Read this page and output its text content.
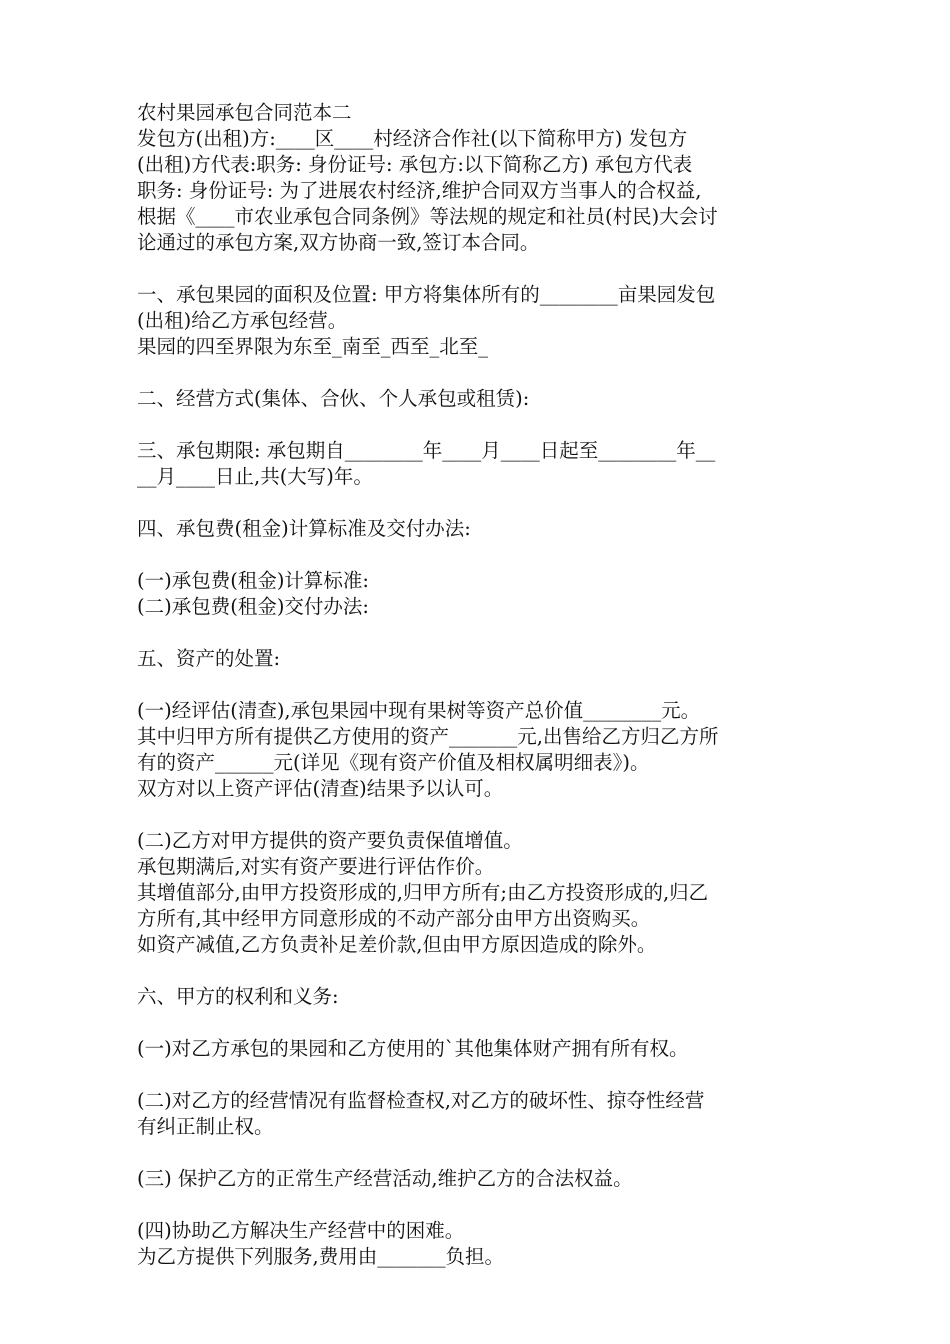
农村果园承包合同范本二
发包方(出租)方:____区____村经济合作社(以下简称甲方) 发包方
(出租)方代表:职务: 身份证号: 承包方:以下简称乙方) 承包方代表
职务: 身份证号: 为了进展农村经济,维护合同双方当事人的合权益,
根据《____市农业承包合同条例》等法规的规定和社员(村民)大会讨
论通过的承包方案,双方协商一致,签订本合同。
一、承包果园的面积及位置: 甲方将集体所有的________亩果园发包
(出租)给乙方承包经营。
果园的四至界限为东至_南至_西至_北至_
二、经营方式(集体、合伙、个人承包或租赁):
三、承包期限: 承包期自________年____月____日起至________年__
__月____日止,共(大写)年。
四、承包费(租金)计算标准及交付办法:
(一)承包费(租金)计算标准:
(二)承包费(租金)交付办法:
五、资产的处置:
(一)经评估(清查),承包果园中现有果树等资产总价值________元。
其中归甲方所有提供乙方使用的资产_______元,出售给乙方归乙方所
有的资产______元(详见《现有资产价值及相权属明细表》)。
双方对以上资产评估(清查)结果予以认可。
(二)乙方对甲方提供的资产要负责保值增值。
承包期满后,对实有资产要进行评估作价。
其增值部分,由甲方投资形成的,归甲方所有;由乙方投资形成的,归乙
方所有,其中经甲方同意形成的不动产部分由甲方出资购买。
如资产减值,乙方负责补足差价款,但由甲方原因造成的除外。
六、甲方的权利和义务:
(一)对乙方承包的果园和乙方使用的`其他集体财产拥有所有权。
(二)对乙方的经营情况有监督检查权,对乙方的破坏性、掠夺性经营
有纠正制止权。
(三) 保护乙方的正常生产经营活动,维护乙方的合法权益。
(四)协助乙方解决生产经营中的困难。
为乙方提供下列服务,费用由_______负担。
